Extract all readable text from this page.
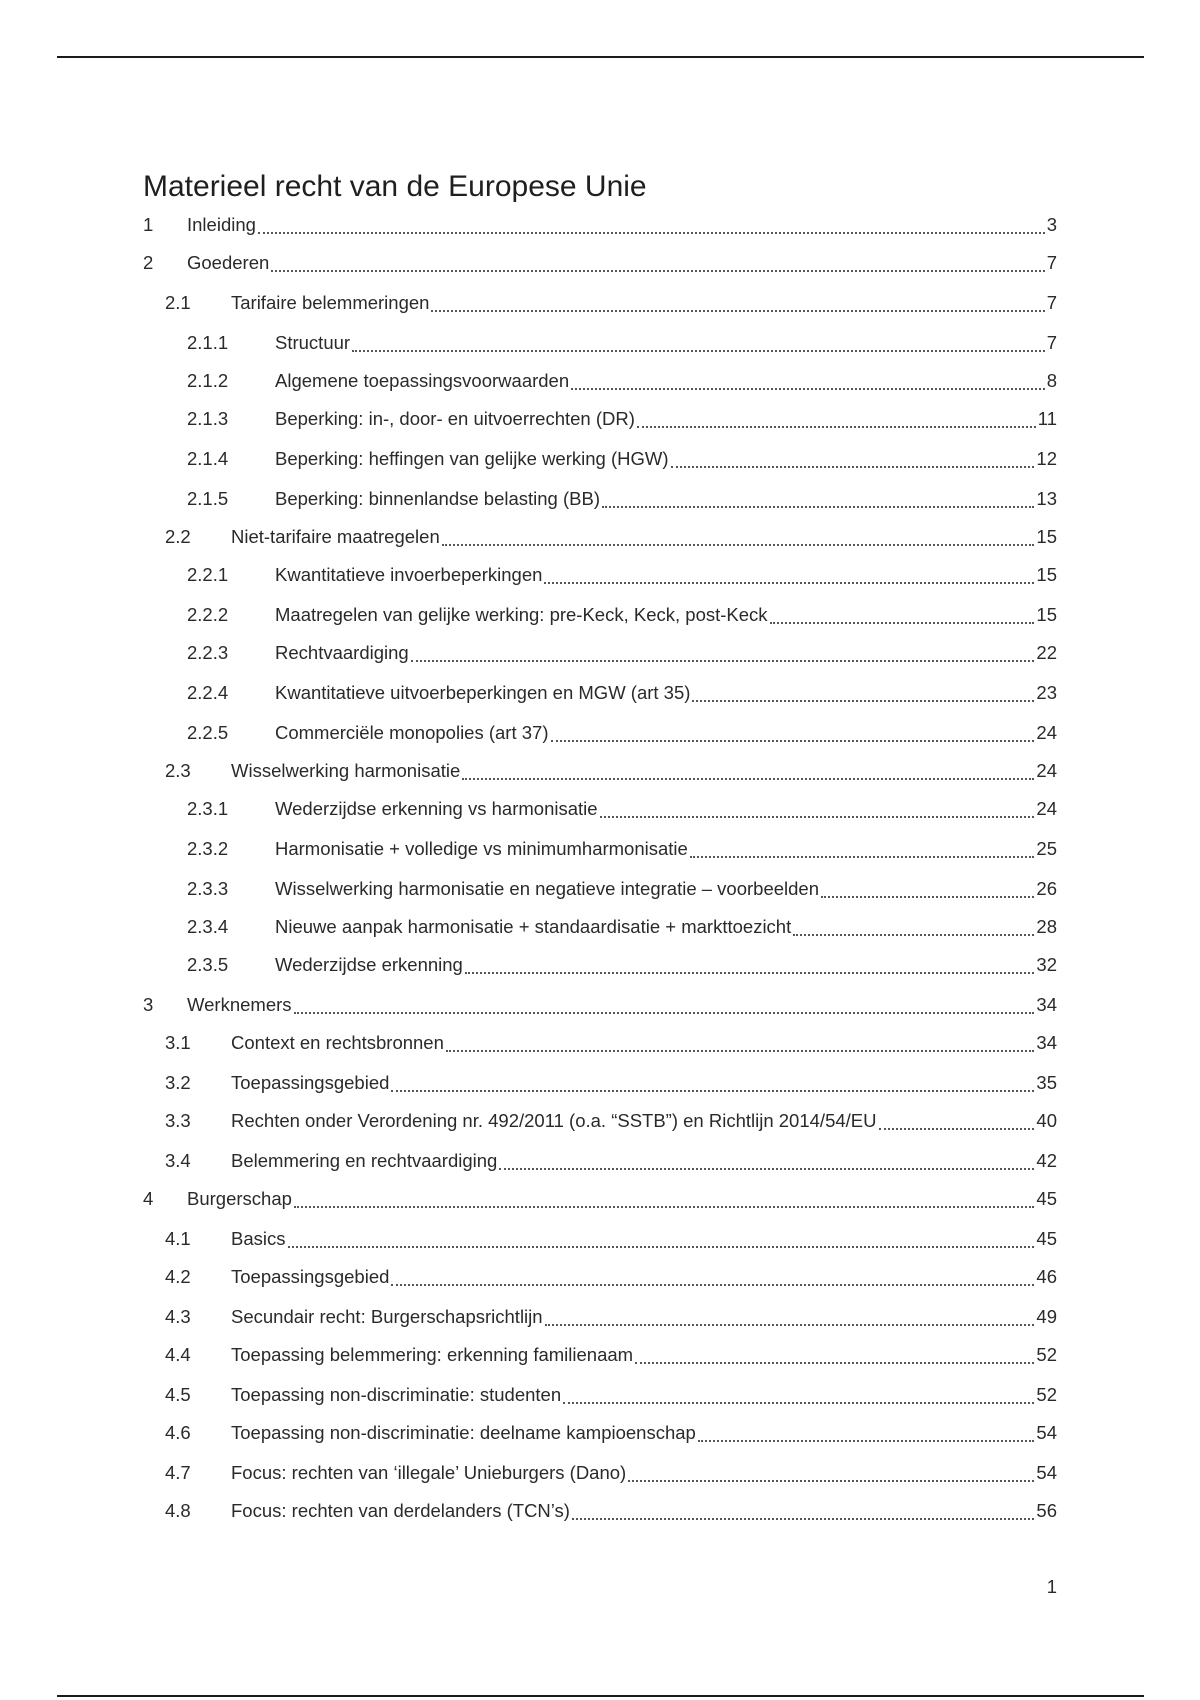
Materieel recht van de Europese Unie
1	Inleiding	3
2	Goederen	7
2.1	Tarifaire belemmeringen	7
2.1.1	Structuur	7
2.1.2	Algemene toepassingsvoorwaarden	8
2.1.3	Beperking: in-, door- en uitvoerrechten (DR)	11
2.1.4	Beperking: heffingen van gelijke werking (HGW)	12
2.1.5	Beperking: binnenlandse belasting (BB)	13
2.2	Niet-tarifaire maatregelen	15
2.2.1	Kwantitatieve invoerbeperkingen	15
2.2.2	Maatregelen van gelijke werking: pre-Keck, Keck, post-Keck	15
2.2.3	Rechtvaardiging	22
2.2.4	Kwantitatieve uitvoerbeperkingen en MGW (art 35)	23
2.2.5	Commerciële monopolies (art 37)	24
2.3	Wisselwerking harmonisatie	24
2.3.1	Wederzijdse erkenning vs harmonisatie	24
2.3.2	Harmonisatie + volledige vs minimumharmonisatie	25
2.3.3	Wisselwerking harmonisatie en negatieve integratie – voorbeelden	26
2.3.4	Nieuwe aanpak harmonisatie + standaardisatie + markttoezicht	28
2.3.5	Wederzijdse erkenning	32
3	Werknemers	34
3.1	Context en rechtsbronnen	34
3.2	Toepassingsgebied	35
3.3	Rechten onder Verordening nr. 492/2011 (o.a. “SSTB”) en Richtlijn 2014/54/EU	40
3.4	Belemmering en rechtvaardiging	42
4	Burgerschap	45
4.1	Basics	45
4.2	Toepassingsgebied	46
4.3	Secundair recht: Burgerschapsrichtlijn	49
4.4	Toepassing belemmering: erkenning familienaam	52
4.5	Toepassing non-discriminatie: studenten	52
4.6	Toepassing non-discriminatie: deelname kampioenschap	54
4.7	Focus: rechten van ‘illegale’ Unieburgers (Dano)	54
4.8	Focus: rechten van derdelanders (TCN’s)	56
1
